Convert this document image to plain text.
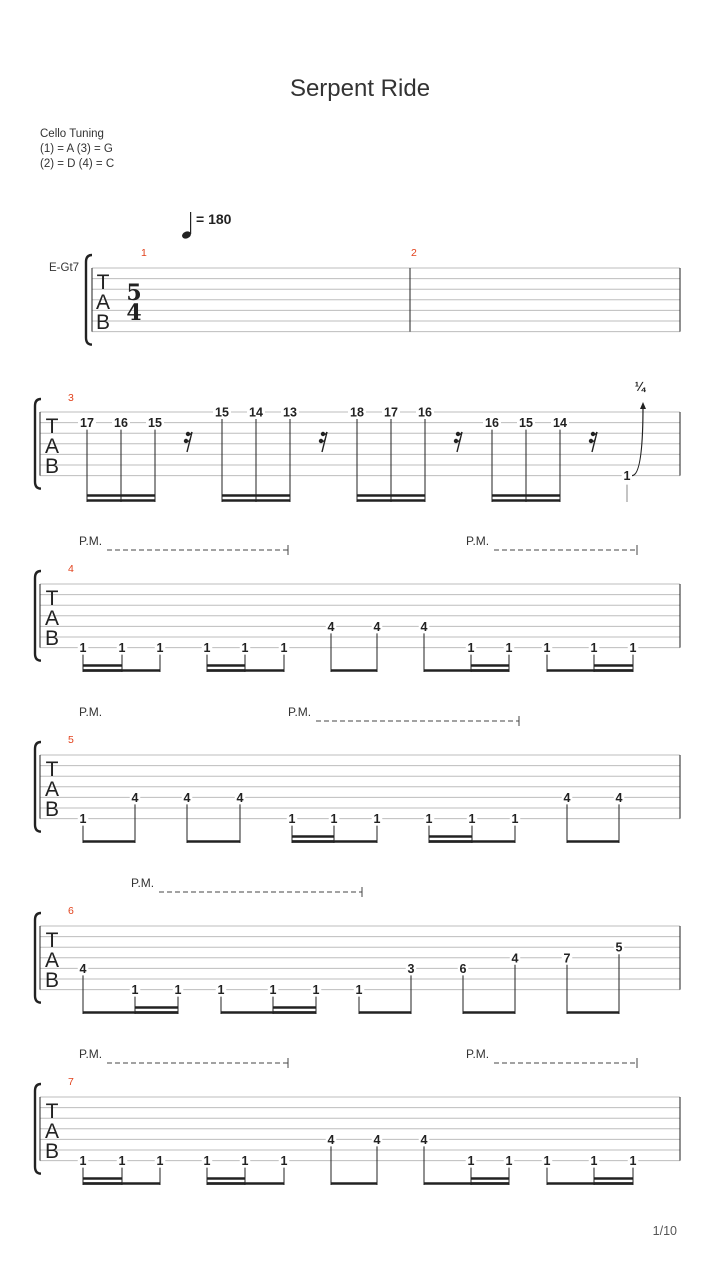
Serpent Ride
Cello Tuning
(1) = A (3) = G
(2) = D (4) = C
= 180
E-Gt7
T
A
B
5
4
1	2
T
A
B
3
17 16 15
15 14 13	18 17 16
16 15 14
1
¼
T
A
B
4
P.M.	P.M.
1	1 1	1 1	1
4	4	4
1 1 1	1	1
T
A
B
5
P.M.	P.M.
1
4	4	4
1	1	1	1	1	1
4	4
T
A
B
6
P.M.
4
1	1	1	1	1	1
3	6
4	7
5
T
A
B
7
P.M.	P.M.
1	1 1	1 1	1
4	4	4
1 1 1	1	1
1/10
